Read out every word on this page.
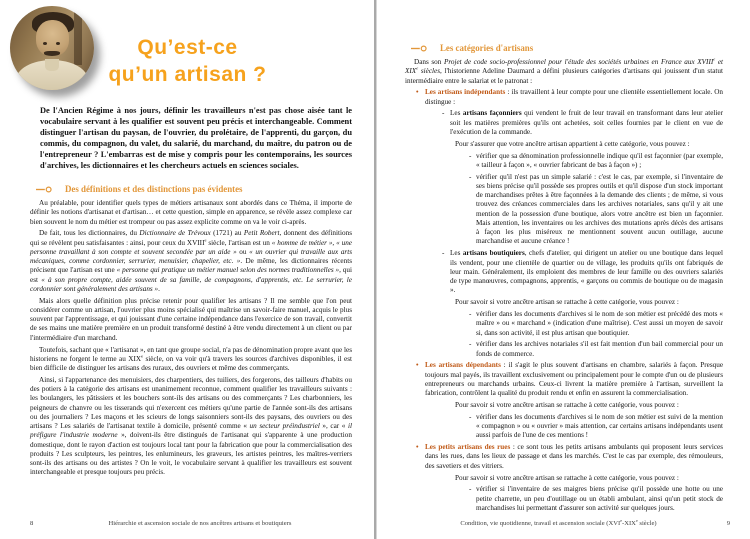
Qu’est-ce
qu’un artisan ?
De l'Ancien Régime à nos jours, définir les travailleurs n'est pas chose aisée tant le vocabulaire servant à les qualifier est souvent peu précis et interchangeable. Comment distinguer l'artisan du paysan, de l'ouvrier, du prolétaire, de l'apprenti, du garçon, du commis, du compagnon, du valet, du salarié, du marchand, du maître, du patron ou de l'entrepreneur ? L'embarras est de mise y compris pour les contemporains, les sources d'archives, les dictionnaires et les chercheurs actuels en sciences sociales.
Des définitions et des distinctions pas évidentes
Au préalable, pour identifier quels types de métiers artisanaux sont abordés dans ce Théma, il importe de définir les notions d'artisanat et d'artisan… et cette question, simple en apparence, se révèle assez complexe car bien souvent le nom du métier est trompeur ou pas assez explicite comme on va le voir ci-après.
De fait, tous les dictionnaires, du Dictionnaire de Trévoux (1721) au Petit Robert, donnent des définitions qui se révèlent peu satisfaisantes : ainsi, pour ceux du XVIIIe siècle, l'artisan est un « homme de métier », « une personne travaillant à son compte et souvent secondée par un aide » ou « un ouvrier qui travaille aux arts mécaniques, comme cordonnier, serrurier, menuisier, chapelier, etc. ». De même, les dictionnaires récents précisent que l'artisan est une « personne qui pratique un métier manuel selon des normes traditionnelles », qui est « à son propre compte, aidée souvent de sa famille, de compagnons, d'apprentis, etc. Le serrurier, le cordonnier sont généralement des artisans ».
Mais alors quelle définition plus précise retenir pour qualifier les artisans ? Il me semble que l'on peut considérer comme un artisan, l'ouvrier plus moins spécialisé qui maîtrise un savoir-faire manuel, acquis le plus souvent par l'apprentissage, et qui jouissant d'une certaine indépendance dans l'exercice de son travail, convertit de ses mains une matière première en un produit transformé destiné à être vendu directement à un client ou par l'intermédiaire d'un marchand.
Toutefois, sachant que « l'artisanat », en tant que groupe social, n'a pas de dénomination propre avant que les historiens ne forgent le terme au XIXe siècle, on va voir qu'à travers les sources d'archives disponibles, il est bien difficile de distinguer les artisans des ruraux, des ouvriers et même des commerçants.
Ainsi, si l'appartenance des menuisiers, des charpentiers, des tuiliers, des forgerons, des tailleurs d'habits ou des potiers à la catégorie des artisans est unanimement reconnue, comment qualifier les travailleurs suivants : les boulangers, les pâtissiers et les bouchers sont-ils des artisans ou des commerçants ? Les charbonniers, les peigneurs de chanvre ou les tisserands qui n'exercent ces métiers qu'une partie de l'année sont-ils des artisans ou des journaliers ? Les maçons et les scieurs de longs saisonniers sont-ils des paysans, des ouvriers ou des artisans ? Les salariés de l'artisanat textile à domicile, présenté comme « un secteur préindustriel », car « il préfigure l'industrie moderne », doivent-ils être distingués de l'artisanat qui s'apparente à une production domestique, dont le rayon d'action est toujours local tant pour la fabrication que pour la commercialisation des produits ? Les sculpteurs, les peintres, les enlumineurs, les graveurs, les artistes peintres, les maîtres-verriers sont-ils des artisans ou des artistes ? On le voit, le vocabulaire servant à qualifier les travailleurs est souvent interchangeable et presque toujours peu précis.
8	Hiérarchie et ascension sociale de nos ancêtres artisans et boutiquiers
Les catégories d'artisans
Dans son Projet de code socio-professionnel pour l'étude des sociétés urbaines en France aux XVIIIe et XIXe siècles, l'historienne Adeline Daumard a défini plusieurs catégories d'artisans qui jouissent d'un statut intermédiaire entre le salariat et le patronat :
• Les artisans indépendants : ils travaillent à leur compte pour une clientèle essentiellement locale. On distingue :
- Les artisans façonniers qui vendent le fruit de leur travail en transformant dans leur atelier soit les matières premières qu'ils ont achetées, soit celles fournies par le client en vue de l'exécution de la commande.
Pour s'assurer que votre ancêtre artisan appartient à cette catégorie, vous pouvez :
- vérifier que sa dénomination professionnelle indique qu'il est façonnier (par exemple, « tailleur à façon », « ouvrier fabricant de bas à façon ») ;
- vérifier qu'il n'est pas un simple salarié : c'est le cas, par exemple, si l'inventaire de ses biens précise qu'il possède ses propres outils et qu'il dispose d'un stock important de marchandises prêtes à être façonnées à la demande des clients ; de même, si vous trouvez des créances commerciales dans les archives notariales, sans qu'il y ait une mention de la possession d'une boutique, alors votre ancêtre est bien un façonnier. Mais attention, les inventaires ou les archives des mutations après décès des artisans à façon les plus miséreux ne mentionnent souvent aucun outillage, aucune marchandise et aucune créance !
- Les artisans boutiquiers, chefs d'atelier, qui dirigent un atelier ou une boutique dans lequel ils vendent, pour une clientèle de quartier ou de village, les produits qu'ils ont fabriqués de leur main. Généralement, ils emploient des membres de leur famille ou des ouvriers salariés de type manœuvres, compagnons, apprentis, « garçons ou commis de boutique ou de magasin ».
Pour savoir si votre ancêtre artisan se rattache à cette catégorie, vous pouvez :
- vérifier dans les documents d'archives si le nom de son métier est précédé des mots « maître » ou « marchand » (indication d'une maîtrise). C'est aussi un moyen de savoir si, dans son activité, il est plus artisan que boutiquier.
- vérifier dans les archives notariales s'il est fait mention d'un bail commercial pour un fonds de commerce.
• Les artisans dépendants : il s'agit le plus souvent d'artisans en chambre, salariés à façon. Presque toujours mal payés, ils travaillent exclusivement ou principalement pour le compte d'un ou de plusieurs entrepreneurs ou marchands urbains. Ceux-ci livrent la matière première à l'artisan, surveillent la fabrication, contrôlent la qualité du produit rendu et enfin en assurent la commercialisation.
Pour savoir si votre ancêtre artisan se rattache à cette catégorie, vous pouvez :
- vérifier dans les documents d'archives si le nom de son métier est suivi de la mention « compagnon » ou « ouvrier » mais attention, car certains artisans indépendants usent aussi parfois de l'une de ces mentions !
• Les petits artisans des rues : ce sont tous les petits artisans ambulants qui proposent leurs services dans les rues, dans les lieux de passage et dans les marchés. C'est le cas par exemple, des rémouleurs, des savetiers et des vitriers.
Pour savoir si votre ancêtre artisan se rattache à cette catégorie, vous pouvez :
- vérifier si l'inventaire de ses maigres biens précise qu'il possède une hotte ou une petite charrette, un peu d'outillage ou un établi ambulant, ainsi qu'un petit stock de marchandises lui permettant d'assurer son activité sur quelques jours.
Condition, vie quotidienne, travail et ascension sociale (XVIe-XIXe siècle)	9
